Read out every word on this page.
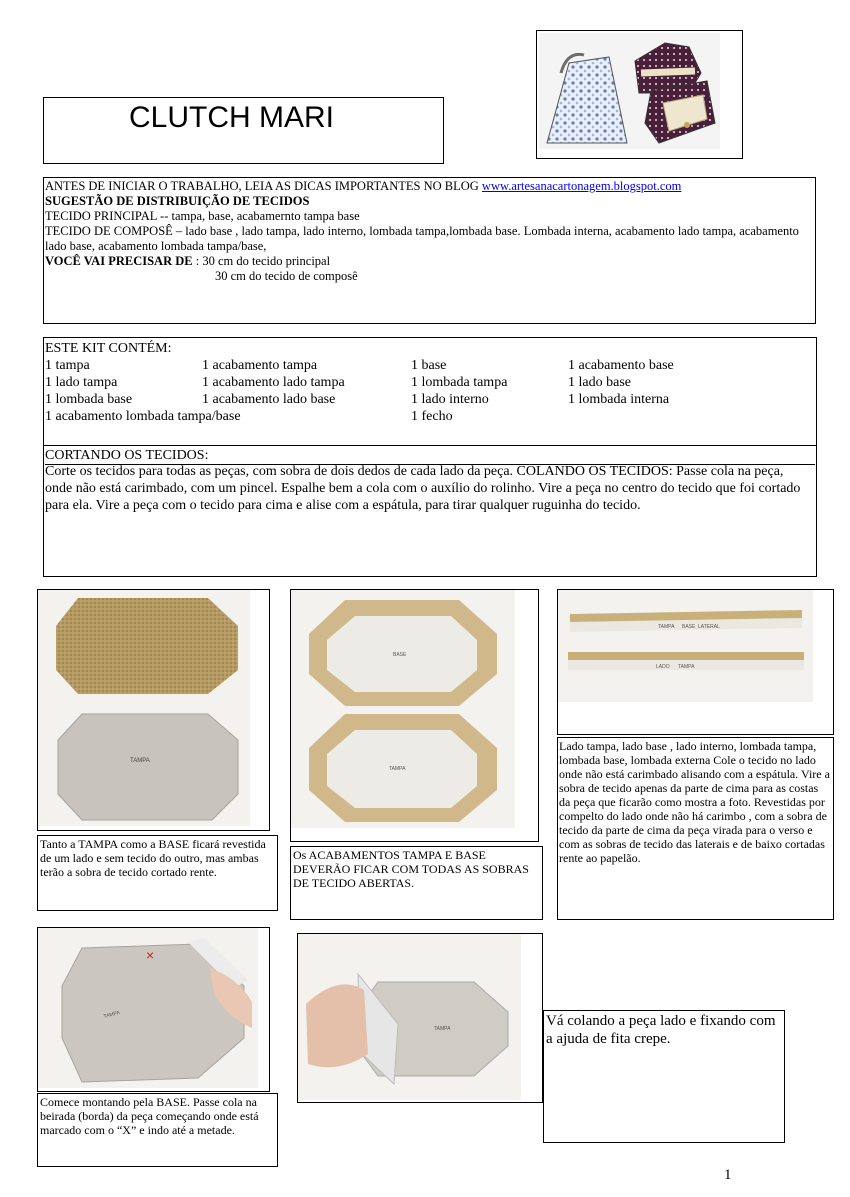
CLUTCH MARI
ANTES DE INICIAR O TRABALHO, LEIA AS DICAS IMPORTANTES NO BLOG www.artesanacartonagem.blogspot.com
SUGESTÃO DE DISTRIBUIÇÃO DE TECIDOS
TECIDO PRINCIPAL -- tampa, base, acabamernto tampa base
TECIDO DE COMPOSÊ – lado base , lado tampa, lado interno, lombada tampa,lombada base. Lombada interna, acabamento lado tampa, acabamento lado base, acabamento lombada tampa/base,
VOCÊ VAI PRECISAR DE : 30 cm do tecido principal
30 cm do tecido de composê
ESTE KIT CONTÉM:
1 tampa
1 lado tampa
1 lombada base
1 acabamento lombada tampa/base
1 acabamento tampa
1 acabamento lado tampa
1 acabamento lado base
1 base
1 lombada tampa
1 lado interno
1 fecho
1 acabamento base
1 lado base
1 lombada interna
CORTANDO OS TECIDOS:
Corte os tecidos para todas as peças, com sobra de dois dedos de cada lado da peça. COLANDO OS TECIDOS: Passe cola na peça, onde não está carimbado, com um pincel. Espalhe bem a cola com o auxílio do rolinho. Vire a peça no centro do tecido que foi cortado para ela. Vire a peça com o tecido para cima e alise com a espátula, para tirar qualquer ruguinha do tecido.
TAMPA
Tanto a TAMPA como a BASE ficará revestida de um lado e sem tecido do outro, mas ambas terão a sobra de tecido cortado rente.
BASE
TAMPA
Os ACABAMENTOS TAMPA E BASE DEVERÃO FICAR COM TODAS AS SOBRAS DE TECIDO ABERTAS.
TAMPA BASE LATERAL
LADO TAMPA
Lado tampa, lado base , lado interno, lombada tampa, lombada base, lombada externa Cole o tecido no lado onde não está carimbado alisando com a espátula. Vire a sobra de tecido apenas da parte de cima para as costas da peça que ficarão como mostra a foto. Revestidas por compelto do lado onde não há carimbo , com a sobra de tecido da parte de cima da peça virada para o verso e com as sobras de tecido das laterais e de baixo cortadas rente ao papelão.
×
TAMPA
Comece montando pela BASE. Passe cola na beirada (borda) da peça começando onde está marcado com o “X” e indo até a metade.
TAMPA	Vá colando a peça lado e fixando com a ajuda de fita crepe.
1
